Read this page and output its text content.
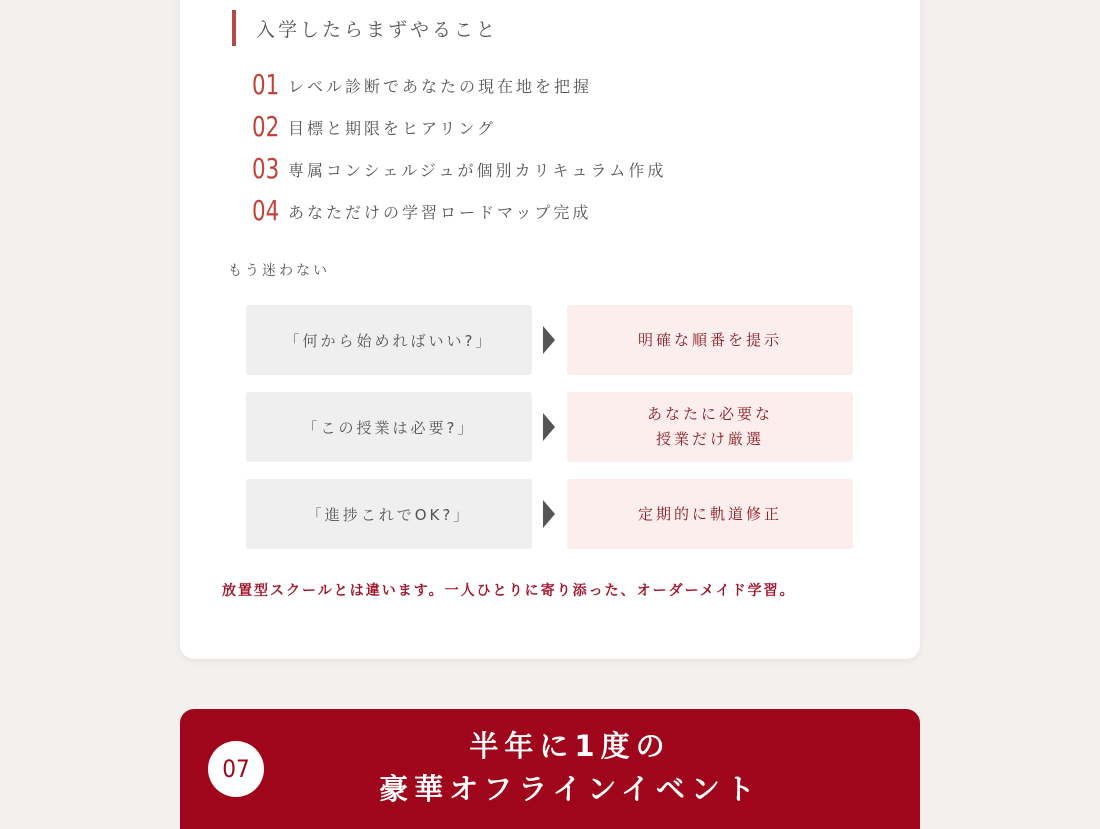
入学したらまずやること
01 レベル診断であなたの現在地を把握
02 目標と期限をヒアリング
03 専属コンシェルジュが個別カリキュラム作成
04 あなただけの学習ロードマップ完成
もう迷わない
「何から始めればいい?」	明確な順番を提示
「この授業は必要?」
あなたに必要な
授業だけ厳選
「進捗これでOK?」	定期的に軌道修正
放置型スクールとは違います。一人ひとりに寄り添った、オーダーメイド学習。
07
半年に1度の
豪華オフラインイベント
